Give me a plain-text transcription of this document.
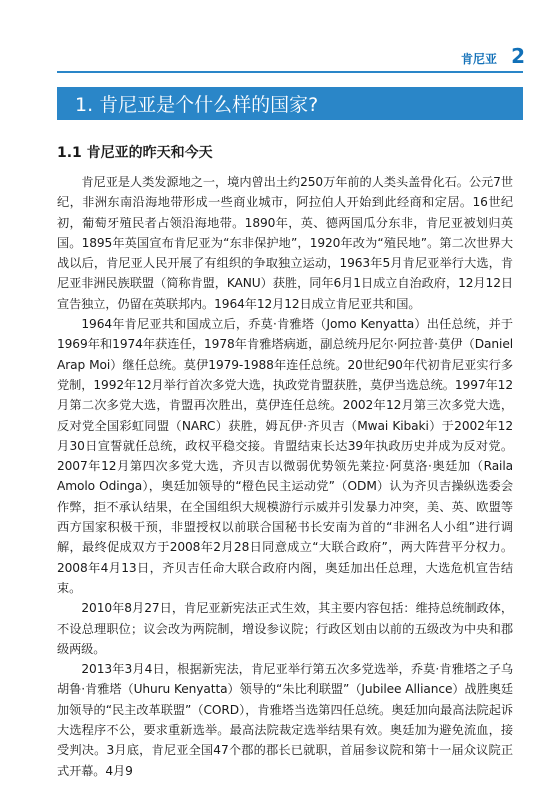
肯尼亚 2
1. 肯尼亚是个什么样的国家?
1.1 肯尼亚的昨天和今天

肯尼亚是人类发源地之一，境内曾出土约250万年前的人类头盖骨化石。公元7世纪，非洲东南沿海地带形成一些商业城市，阿拉伯人开始到此经商和定居。16世纪初，葡萄牙殖民者占领沿海地带。1890年，英、德两国瓜分东非，肯尼亚被划归英国。1895年英国宣布肯尼亚为“东非保护地”，1920年改为“殖民地”。第二次世界大战以后，肯尼亚人民开展了有组织的争取独立运动，1963年5月肯尼亚举行大选，肯尼亚非洲民族联盟（简称肯盟，KANU）获胜，同年6月1日成立自治政府，12月12日宣告独立，仍留在英联邦内。1964年12月12日成立肯尼亚共和国。

1964年肯尼亚共和国成立后，乔莫·肯雅塔（Jomo Kenyatta）出任总统，并于1969年和1974年获连任，1978年肯雅塔病逝，副总统丹尼尔·阿拉普·莫伊（Daniel Arap Moi）继任总统。莫伊1979-1988年连任总统。20世纪90年代初肯尼亚实行多党制，1992年12月举行首次多党大选，执政党肯盟获胜，莫伊当选总统。1997年12月第二次多党大选，肯盟再次胜出，莫伊连任总统。2002年12月第三次多党大选，反对党全国彩虹同盟（NARC）获胜，姆瓦伊·齐贝吉（Mwai Kibaki）于2002年12月30日宣誓就任总统，政权平稳交接。肯盟结束长达39年执政历史并成为反对党。2007年12月第四次多党大选，齐贝吉以微弱优势领先莱拉·阿莫洛·奥廷加（Raila Amolo Odinga），奥廷加领导的“橙色民主运动党”（ODM）认为齐贝吉操纵选委会作弊，拒不承认结果，在全国组织大规模游行示威并引发暴力冲突，美、英、欧盟等西方国家积极干预，非盟授权以前联合国秘书长安南为首的“非洲名人小组”进行调解，最终促成双方于2008年2月28日同意成立“大联合政府”，两大阵营平分权力。2008年4月13日，齐贝吉任命大联合政府内阁，奥廷加出任总理，大选危机宣告结束。

2010年8月27日，肯尼亚新宪法正式生效，其主要内容包括：维持总统制政体，不设总理职位；议会改为两院制，增设参议院；行政区划由以前的五级改为中央和郡级两级。

2013年3月4日，根据新宪法，肯尼亚举行第五次多党选举，乔莫·肯雅塔之子乌胡鲁·肯雅塔（Uhuru Kenyatta）领导的“朱比利联盟”（Jubilee Alliance）战胜奥廷加领导的“民主改革联盟”（CORD），肯雅塔当选第四任总统。奥廷加向最高法院起诉大选程序不公，要求重新选举。最高法院裁定选举结果有效。奥廷加为避免流血，接受判决。3月底，肯尼亚全国47个郡的郡长已就职，首届参议院和第十一届众议院正式开幕。4月9
